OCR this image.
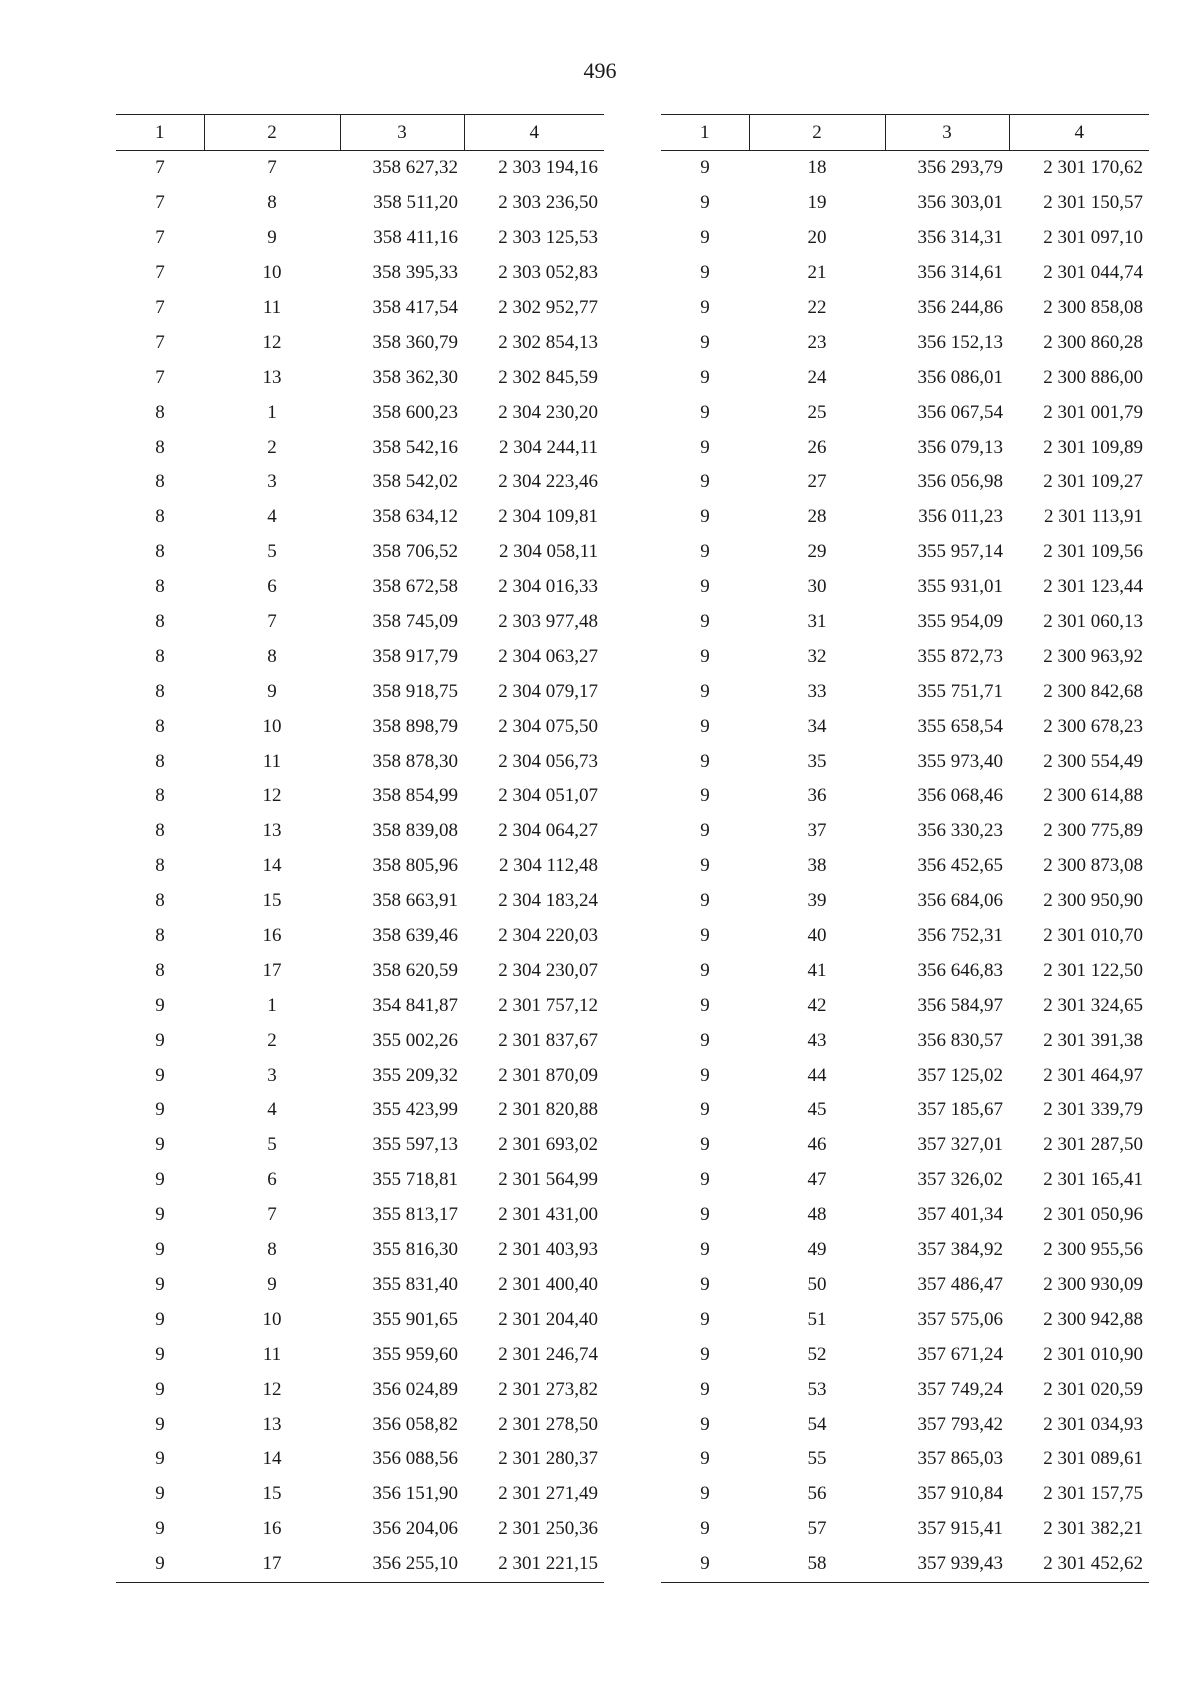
496
1	2	3	4
7	7	358 627,32	2 303 194,16
7	8	358 511,20	2 303 236,50
7	9	358 411,16	2 303 125,53
7	10	358 395,33	2 303 052,83
7	11	358 417,54	2 302 952,77
7	12	358 360,79	2 302 854,13
7	13	358 362,30	2 302 845,59
8	1	358 600,23	2 304 230,20
8	2	358 542,16	2 304 244,11
8	3	358 542,02	2 304 223,46
8	4	358 634,12	2 304 109,81
8	5	358 706,52	2 304 058,11
8	6	358 672,58	2 304 016,33
8	7	358 745,09	2 303 977,48
8	8	358 917,79	2 304 063,27
8	9	358 918,75	2 304 079,17
8	10	358 898,79	2 304 075,50
8	11	358 878,30	2 304 056,73
8	12	358 854,99	2 304 051,07
8	13	358 839,08	2 304 064,27
8	14	358 805,96	2 304 112,48
8	15	358 663,91	2 304 183,24
8	16	358 639,46	2 304 220,03
8	17	358 620,59	2 304 230,07
9	1	354 841,87	2 301 757,12
9	2	355 002,26	2 301 837,67
9	3	355 209,32	2 301 870,09
9	4	355 423,99	2 301 820,88
9	5	355 597,13	2 301 693,02
9	6	355 718,81	2 301 564,99
9	7	355 813,17	2 301 431,00
9	8	355 816,30	2 301 403,93
9	9	355 831,40	2 301 400,40
9	10	355 901,65	2 301 204,40
9	11	355 959,60	2 301 246,74
9	12	356 024,89	2 301 273,82
9	13	356 058,82	2 301 278,50
9	14	356 088,56	2 301 280,37
9	15	356 151,90	2 301 271,49
9	16	356 204,06	2 301 250,36
9	17	356 255,10	2 301 221,15
1	2	3	4
9	18	356 293,79	2 301 170,62
9	19	356 303,01	2 301 150,57
9	20	356 314,31	2 301 097,10
9	21	356 314,61	2 301 044,74
9	22	356 244,86	2 300 858,08
9	23	356 152,13	2 300 860,28
9	24	356 086,01	2 300 886,00
9	25	356 067,54	2 301 001,79
9	26	356 079,13	2 301 109,89
9	27	356 056,98	2 301 109,27
9	28	356 011,23	2 301 113,91
9	29	355 957,14	2 301 109,56
9	30	355 931,01	2 301 123,44
9	31	355 954,09	2 301 060,13
9	32	355 872,73	2 300 963,92
9	33	355 751,71	2 300 842,68
9	34	355 658,54	2 300 678,23
9	35	355 973,40	2 300 554,49
9	36	356 068,46	2 300 614,88
9	37	356 330,23	2 300 775,89
9	38	356 452,65	2 300 873,08
9	39	356 684,06	2 300 950,90
9	40	356 752,31	2 301 010,70
9	41	356 646,83	2 301 122,50
9	42	356 584,97	2 301 324,65
9	43	356 830,57	2 301 391,38
9	44	357 125,02	2 301 464,97
9	45	357 185,67	2 301 339,79
9	46	357 327,01	2 301 287,50
9	47	357 326,02	2 301 165,41
9	48	357 401,34	2 301 050,96
9	49	357 384,92	2 300 955,56
9	50	357 486,47	2 300 930,09
9	51	357 575,06	2 300 942,88
9	52	357 671,24	2 301 010,90
9	53	357 749,24	2 301 020,59
9	54	357 793,42	2 301 034,93
9	55	357 865,03	2 301 089,61
9	56	357 910,84	2 301 157,75
9	57	357 915,41	2 301 382,21
9	58	357 939,43	2 301 452,62
